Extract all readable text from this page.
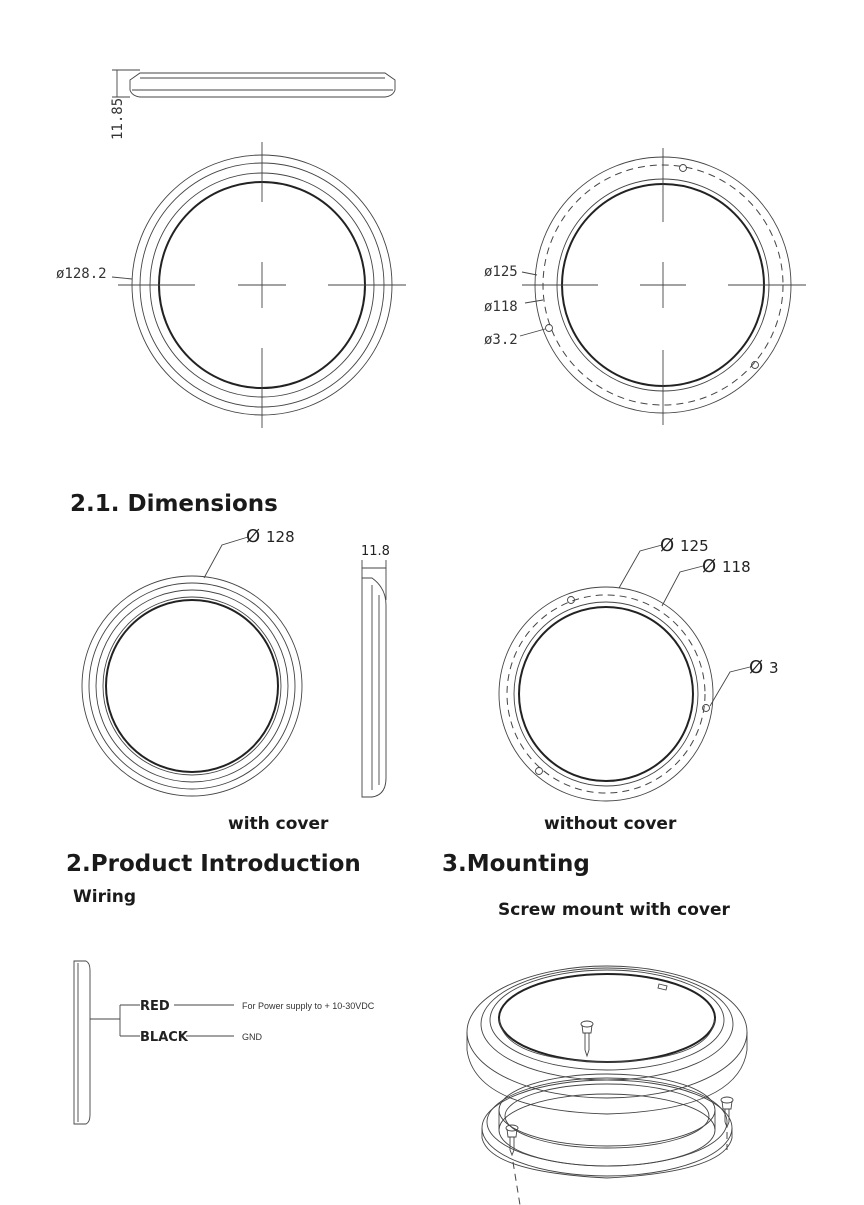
11.85
ø128.2	ø125
ø118
ø3.2
2.1. Dimensions
Ø 128
11.8
with cover
Ø 125
Ø 118
Ø 3
without cover
2.Product Introduction
Wiring
RED
BLACK
For Power supply to + 10-30VDC
GND
3.Mounting
Screw mount with cover
